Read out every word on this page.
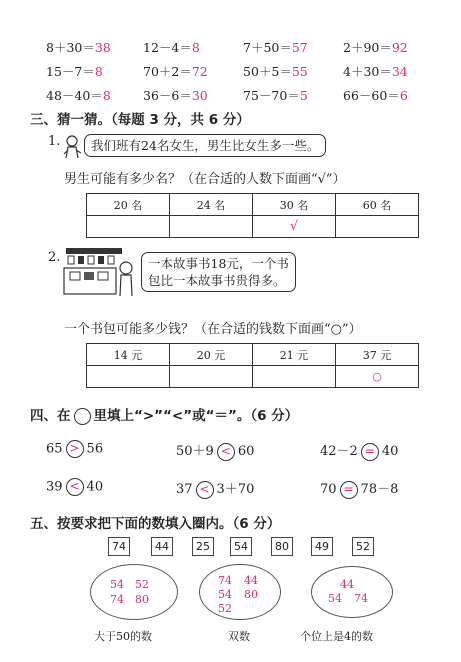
8＋30＝38	12－4＝8	7＋50＝57	2＋90＝92
15－7＝8	70＋2＝72	50＋5＝55	4＋30＝34
48－40＝8	36－6＝30	75－70＝5	66－60＝6
三、猜一猜。（每题 3 分，共 6 分）
1.	我们班有24名女生，男生比女生多一些。
男生可能有多少名？（在合适的人数下面画“√”）
20 名	24 名	30 名	60 名
		√	
2.	一本故事书18元，一个书
包比一本故事书贵得多。
一个书包可能多少钱？（在合适的钱数下面画“○”）
14 元	20 元	21 元	37 元
			○
四、在 里填上“>”“<”或“＝”。（6 分）
65 > 56	50＋9 < 60	42－2 = 40
39 < 40	37 < 3＋70	70 = 78－8
五、按要求把下面的数填入圈内。（6 分）
74	44	25	54	80	49	52
54 52
74 80
74 44
54 80
52
44
54 74
大于50的数	双数	个位上是4的数
